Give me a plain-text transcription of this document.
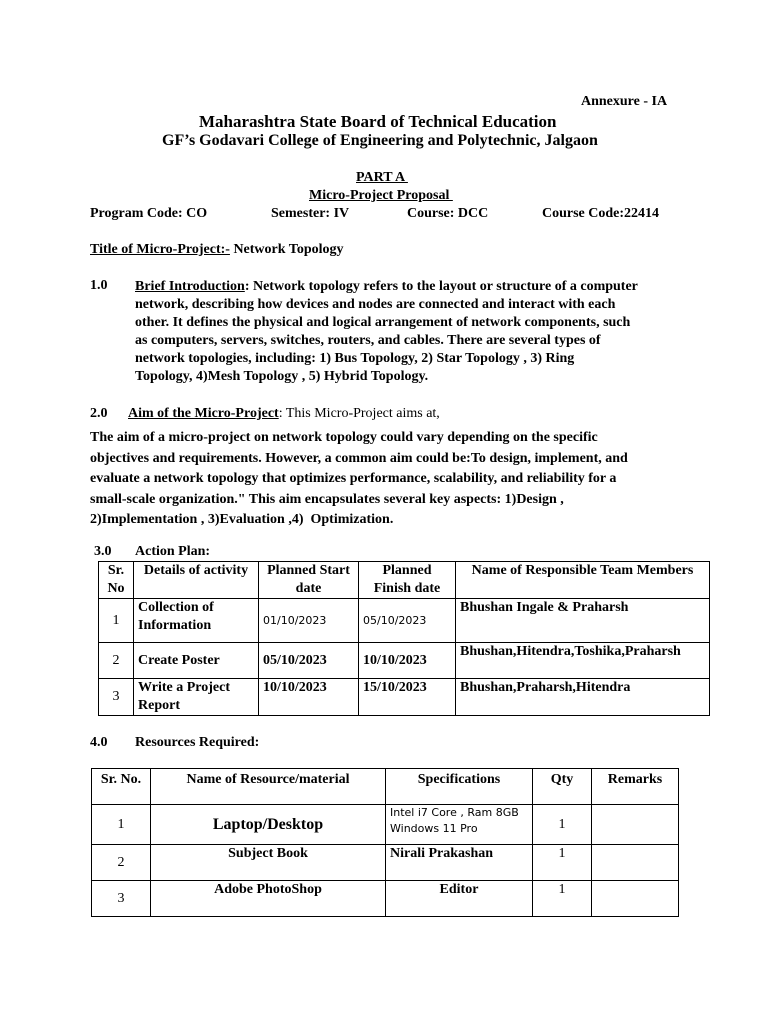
Annexure - IA
Maharashtra State Board of Technical Education
GF’s Godavari College of Engineering and Polytechnic, Jalgaon
PART A
Micro-Project Proposal
Program Code: CO	Semester: IV	Course: DCC	Course Code:22414
Title of Micro-Project:- Network Topology
1.0 Brief Introduction: Network topology refers to the layout or structure of a computer
network, describing how devices and nodes are connected and interact with each
other. It defines the physical and logical arrangement of network components, such
as computers, servers, switches, routers, and cables. There are several types of
network topologies, including: 1) Bus Topology, 2) Star Topology , 3) Ring
Topology, 4)Mesh Topology , 5) Hybrid Topology.
2.0 Aim of the Micro-Project: This Micro-Project aims at,
The aim of a micro-project on network topology could vary depending on the specific
objectives and requirements. However, a common aim could be:To design, implement, and
evaluate a network topology that optimizes performance, scalability, and reliability for a
small-scale organization." This aim encapsulates several key aspects: 1)Design ,
2)Implementation , 3)Evaluation ,4)  Optimization.
3.0 Action Plan:
Sr. No	Details of activity	Planned Start date	Planned Finish date	Name of Responsible Team Members
1	Collection of Information	01/10/2023	05/10/2023	Bhushan Ingale & Praharsh
2	Create Poster	05/10/2023	10/10/2023	Bhushan,Hitendra,Toshika,Praharsh
3	Write a Project Report	10/10/2023	15/10/2023	Bhushan,Praharsh,Hitendra
4.0 Resources Required:
Sr. No.	Name of Resource/material	Specifications	Qty	Remarks
1	Laptop/Desktop	Intel i7 Core , Ram 8GB
Windows 11 Pro	1	
2	Subject Book	Nirali Prakashan	1	
3	Adobe PhotoShop	Editor	1	
